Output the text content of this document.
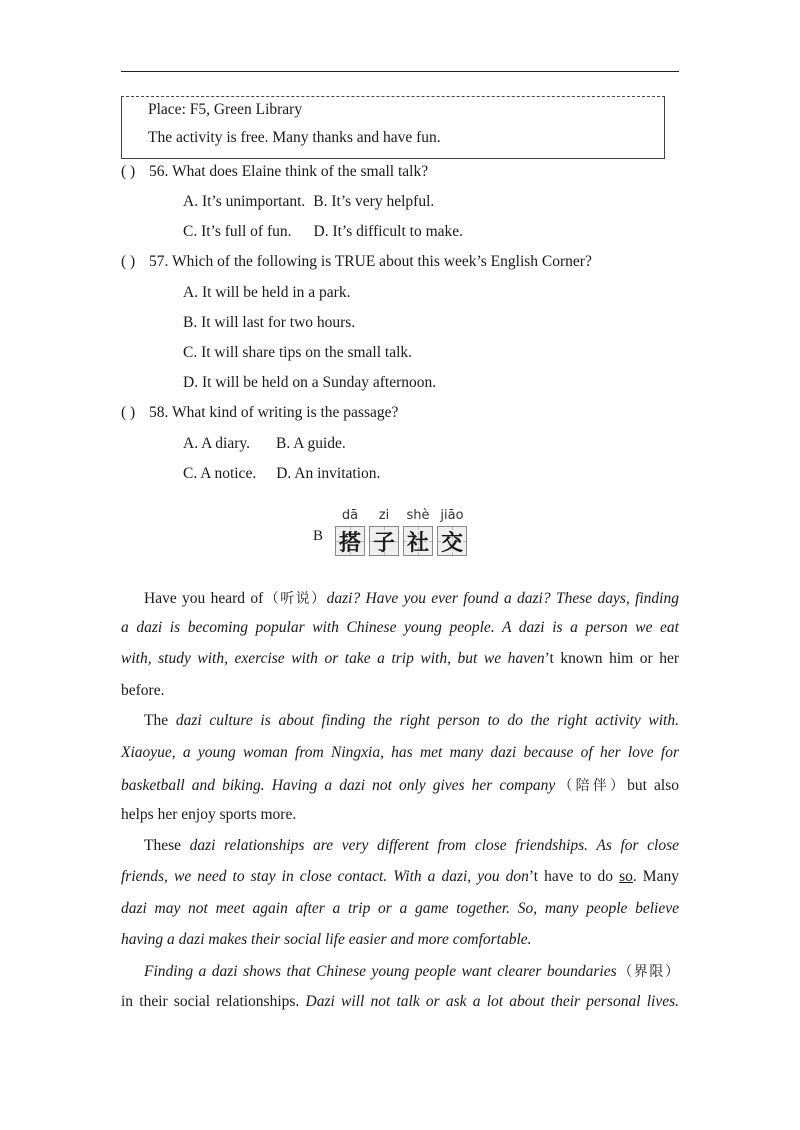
Place: F5, Green Library
The activity is free. Many thanks and have fun.
( ) 56. What does Elaine think of the small talk?
A. It’s unimportant. B. It’s very helpful.
C. It’s full of fun. D. It’s difficult to make.
( ) 57. Which of the following is TRUE about this week’s English Corner?
A. It will be held in a park.
B. It will last for two hours.
C. It will share tips on the small talk.
D. It will be held on a Sunday afternoon.
( ) 58. What kind of writing is the passage?
A. A diary. B. A guide.
C. A notice. D. An invitation.
B
dā
搭
zi
子
shè
社
jiāo
交
Have you heard of（听说）dazi? Have you ever found a dazi? These days, finding
a dazi is becoming popular with Chinese young people. A dazi is a person we eat
with, study with, exercise with or take a trip with, but we haven’t known him or her
before.
The dazi culture is about finding the right person to do the right activity with.
Xiaoyue, a young woman from Ningxia, has met many dazi because of her love for
basketball and biking. Having a dazi not only gives her company（陪伴）but also
helps her enjoy sports more.
These dazi relationships are very different from close friendships. As for close
friends, we need to stay in close contact. With a dazi, you don’t have to do so. Many
dazi may not meet again after a trip or a game together. So, many people believe
having a dazi makes their social life easier and more comfortable.
Finding a dazi shows that Chinese young people want clearer boundaries（界限）
in their social relationships. Dazi will not talk or ask a lot about their personal lives.
